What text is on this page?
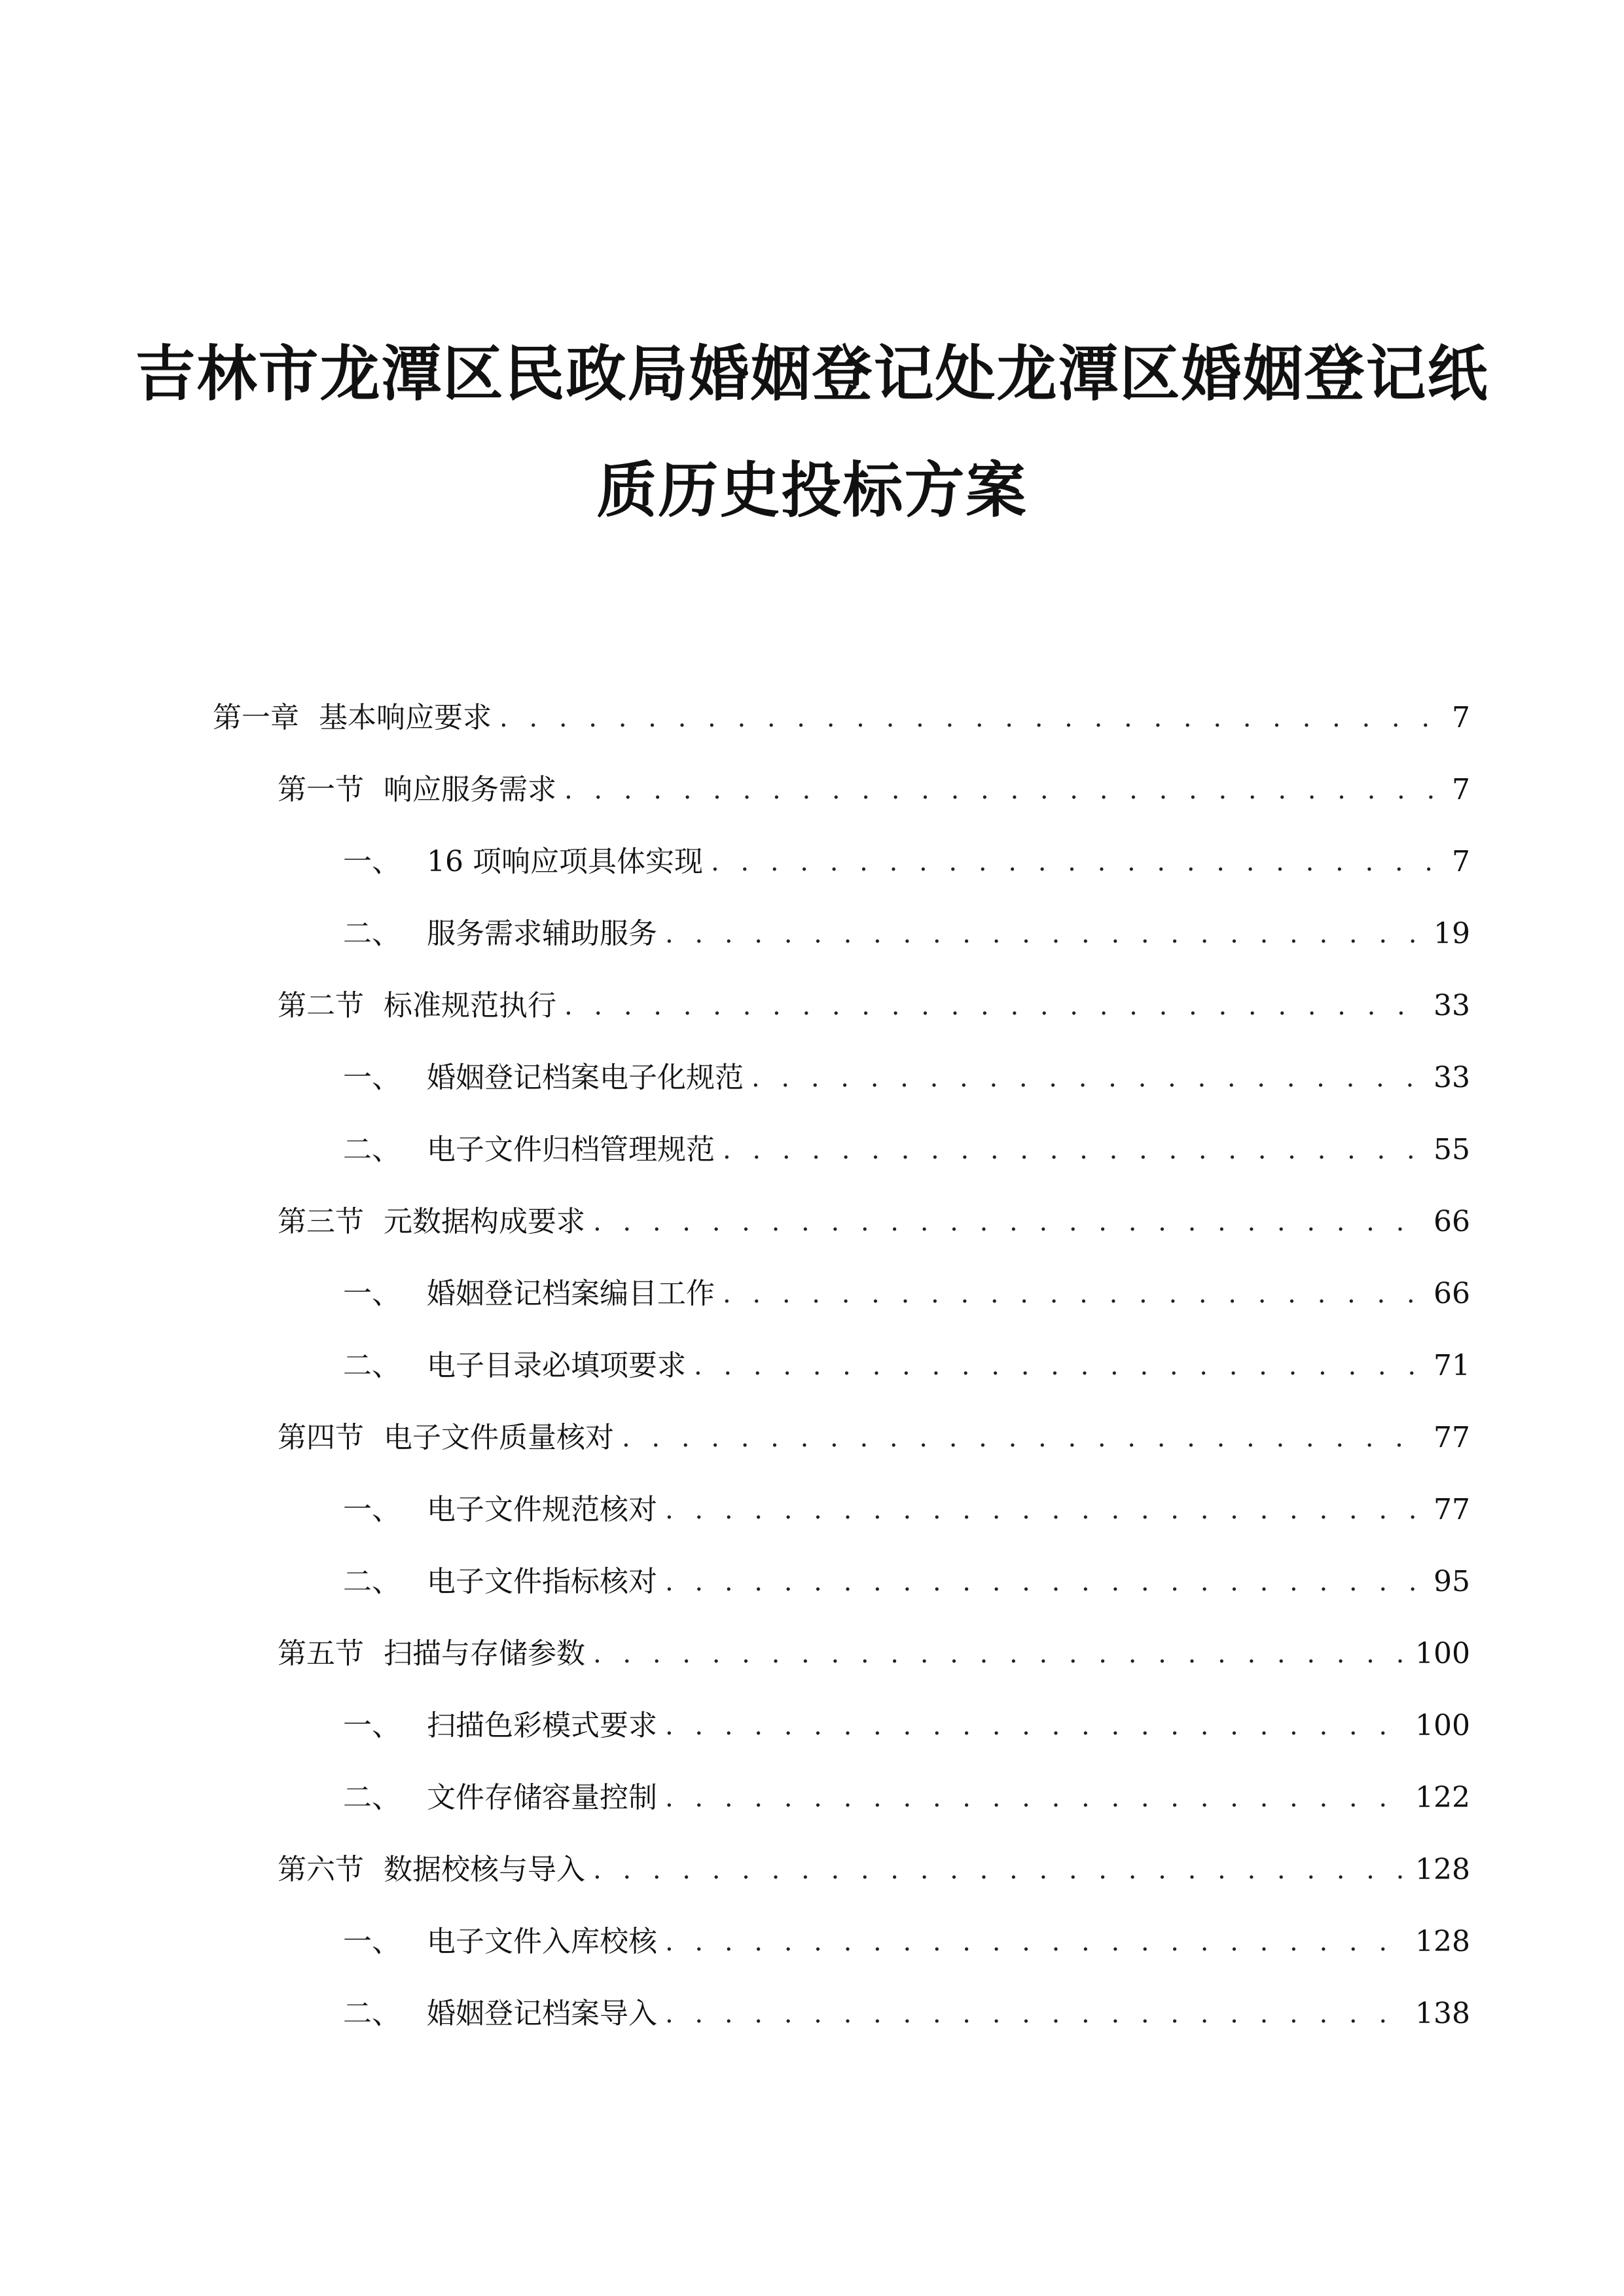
吉林市龙潭区民政局婚姻登记处龙潭区婚姻登记纸
质历史投标方案
第一章 基本响应要求 . . .	7
第一节 响应服务需求 . . .	7
一、 16 项响应项具体实现 . . .	7
二、 服务需求辅助服务 . . .	19
第二节 标准规范执行 . . .	33
一、 婚姻登记档案电子化规范 . . .	33
二、 电子文件归档管理规范 . . .	55
第三节 元数据构成要求 . . .	66
一、 婚姻登记档案编目工作 . . .	66
二、 电子目录必填项要求 . . .	71
第四节 电子文件质量核对 . . .	77
一、 电子文件规范核对 . . .	77
二、 电子文件指标核对 . . .	95
第五节 扫描与存储参数 . . .	100
一、 扫描色彩模式要求 . . .	100
二、 文件存储容量控制 . . .	122
第六节 数据校核与导入 . . .	128
一、 电子文件入库校核 . . .	128
二、 婚姻登记档案导入 . . .	138
